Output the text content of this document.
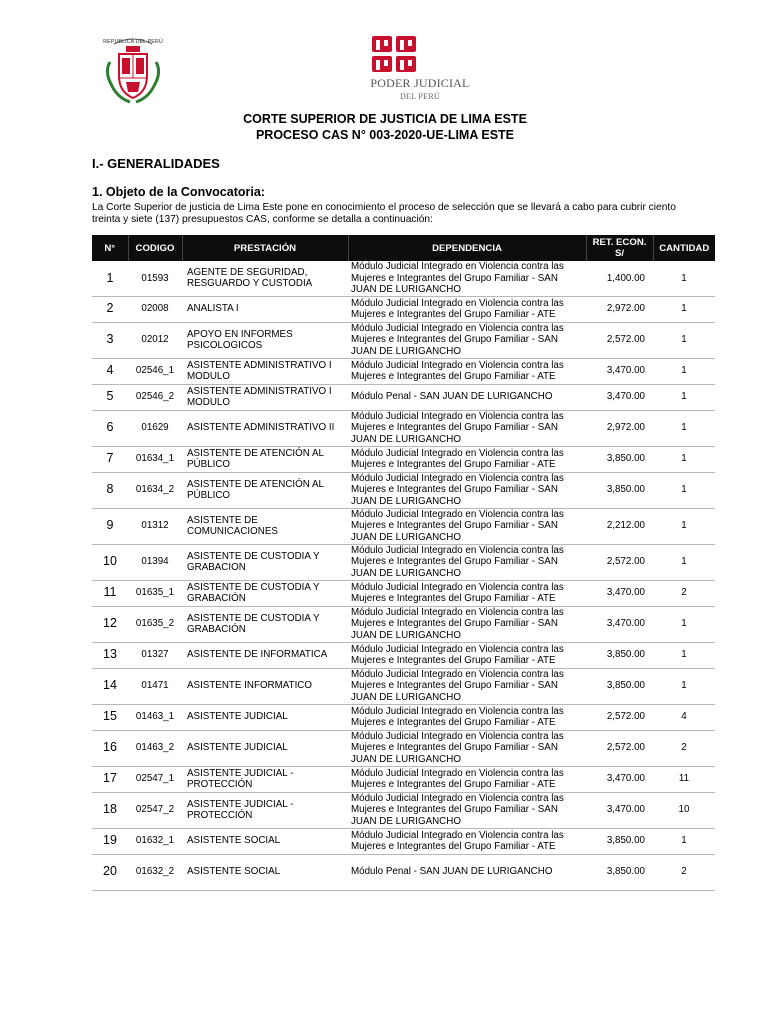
REPUBLICA DEL PERÚ
PODER JUDICIAL
DEL PERÚ
CORTE SUPERIOR DE JUSTICIA DE LIMA ESTE
PROCESO CAS N° 003-2020-UE-LIMA ESTE
I.- GENERALIDADES
1. Objeto de la Convocatoria:
La Corte Superior de justicia de Lima Este pone en conocimiento el proceso de selección que se llevará a cabo para cubrir ciento treinta y siete (137) presupuestos CAS, conforme se detalla a continuación:
N°	CODIGO	PRESTACIÓN	DEPENDENCIA	RET. ECON. S/	CANTIDAD
1	01593	AGENTE DE SEGURIDAD, RESGUARDO Y CUSTODIA	Módulo Judicial Integrado en Violencia contra las Mujeres e Integrantes del Grupo Familiar - SAN JUAN DE LURIGANCHO	1,400.00	1
2	02008	ANALISTA I	Módulo Judicial Integrado en Violencia contra las Mujeres e Integrantes del Grupo Familiar - ATE	2,972.00	1
3	02012	APOYO EN INFORMES PSICOLOGICOS	Módulo Judicial Integrado en Violencia contra las Mujeres e Integrantes del Grupo Familiar - SAN JUAN DE LURIGANCHO	2,572.00	1
4	02546_1	ASISTENTE ADMINISTRATIVO I MODULO	Módulo Judicial Integrado en Violencia contra las Mujeres e Integrantes del Grupo Familiar - ATE	3,470.00	1
5	02546_2	ASISTENTE ADMINISTRATIVO I MODULO	Módulo Penal - SAN JUAN DE LURIGANCHO	3,470.00	1
6	01629	ASISTENTE ADMINISTRATIVO II	Módulo Judicial Integrado en Violencia contra las Mujeres e Integrantes del Grupo Familiar - SAN JUAN DE LURIGANCHO	2,972.00	1
7	01634_1	ASISTENTE DE ATENCIÓN AL PÚBLICO	Módulo Judicial Integrado en Violencia contra las Mujeres e Integrantes del Grupo Familiar - ATE	3,850.00	1
8	01634_2	ASISTENTE DE ATENCIÓN AL PÚBLICO	Módulo Judicial Integrado en Violencia contra las Mujeres e Integrantes del Grupo Familiar - SAN JUAN DE LURIGANCHO	3,850.00	1
9	01312	ASISTENTE DE COMUNICACIONES	Módulo Judicial Integrado en Violencia contra las Mujeres e Integrantes del Grupo Familiar - SAN JUAN DE LURIGANCHO	2,212.00	1
10	01394	ASISTENTE DE CUSTODIA Y GRABACION	Módulo Judicial Integrado en Violencia contra las Mujeres e Integrantes del Grupo Familiar - SAN JUAN DE LURIGANCHO	2,572.00	1
11	01635_1	ASISTENTE DE CUSTODIA Y GRABACIÓN	Módulo Judicial Integrado en Violencia contra las Mujeres e Integrantes del Grupo Familiar - ATE	3,470.00	2
12	01635_2	ASISTENTE DE CUSTODIA Y GRABACIÓN	Módulo Judicial Integrado en Violencia contra las Mujeres e Integrantes del Grupo Familiar - SAN JUAN DE LURIGANCHO	3,470.00	1
13	01327	ASISTENTE DE INFORMATICA	Módulo Judicial Integrado en Violencia contra las Mujeres e Integrantes del Grupo Familiar - ATE	3,850.00	1
14	01471	ASISTENTE INFORMATICO	Módulo Judicial Integrado en Violencia contra las Mujeres e Integrantes del Grupo Familiar - SAN JUAN DE LURIGANCHO	3,850.00	1
15	01463_1	ASISTENTE JUDICIAL	Módulo Judicial Integrado en Violencia contra las Mujeres e Integrantes del Grupo Familiar - ATE	2,572.00	4
16	01463_2	ASISTENTE JUDICIAL	Módulo Judicial Integrado en Violencia contra las Mujeres e Integrantes del Grupo Familiar - SAN JUAN DE LURIGANCHO	2,572.00	2
17	02547_1	ASISTENTE JUDICIAL - PROTECCIÓN	Módulo Judicial Integrado en Violencia contra las Mujeres e Integrantes del Grupo Familiar - ATE	3,470.00	11
18	02547_2	ASISTENTE JUDICIAL - PROTECCIÓN	Módulo Judicial Integrado en Violencia contra las Mujeres e Integrantes del Grupo Familiar - SAN JUAN DE LURIGANCHO	3,470.00	10
19	01632_1	ASISTENTE SOCIAL	Módulo Judicial Integrado en Violencia contra las Mujeres e Integrantes del Grupo Familiar - ATE	3,850.00	1
20	01632_2	ASISTENTE SOCIAL	Módulo Penal - SAN JUAN DE LURIGANCHO	3,850.00	2
